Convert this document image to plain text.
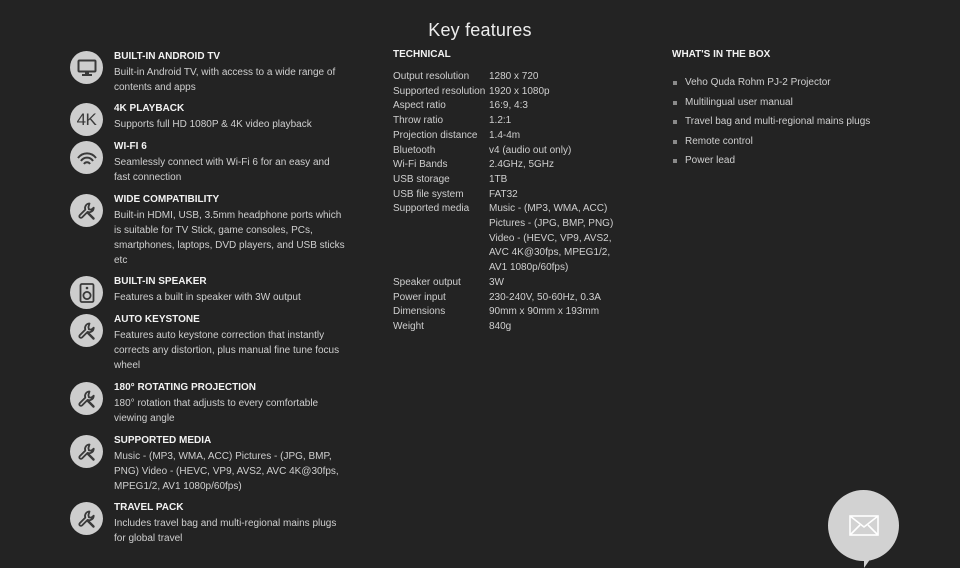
Key features
BUILT-IN ANDROID TV
Built-in Android TV, with access to a wide range of contents and apps
4K
4K PLAYBACK
Supports full HD 1080P & 4K video playback
WI-FI 6
Seamlessly connect with Wi-Fi 6 for an easy and fast connection
WIDE COMPATIBILITY
Built-in HDMI, USB, 3.5mm headphone ports which is suitable for TV Stick, game consoles, PCs, smartphones, laptops, DVD players, and USB sticks etc
BUILT-IN SPEAKER
Features a built in speaker with 3W output
AUTO KEYSTONE
Features auto keystone correction that instantly corrects any distortion, plus manual fine tune focus wheel
180° ROTATING PROJECTION
180° rotation that adjusts to every comfortable viewing angle
SUPPORTED MEDIA
Music - (MP3, WMA, ACC) Pictures - (JPG, BMP, PNG) Video - (HEVC, VP9, AVS2, AVC 4K@30fps, MPEG1/2, AV1 1080p/60fps)
TRAVEL PACK
Includes travel bag and multi-regional mains plugs for global travel
TECHNICAL
Output resolution	1280 x 720
Supported resolution 1920 x 1080p
Aspect ratio	16:9, 4:3
Throw ratio	1.2:1
Projection distance	1.4-4m
Bluetooth	v4 (audio out only)
Wi-Fi Bands	2.4GHz, 5GHz
USB storage	1TB
USB file system	FAT32
Supported media	Music - (MP3, WMA, ACC)
Pictures - (JPG, BMP, PNG)
Video - (HEVC, VP9, AVS2,
AVC 4K@30fps, MPEG1/2,
AV1 1080p/60fps)
Speaker output	3W
Power input	230-240V, 50-60Hz, 0.3A
Dimensions	90mm x 90mm x 193mm
Weight	840g
WHAT'S IN THE BOX
Veho Quda Rohm PJ-2 Projector
Multilingual user manual
Travel bag and multi-regional mains plugs
Remote control
Power lead
